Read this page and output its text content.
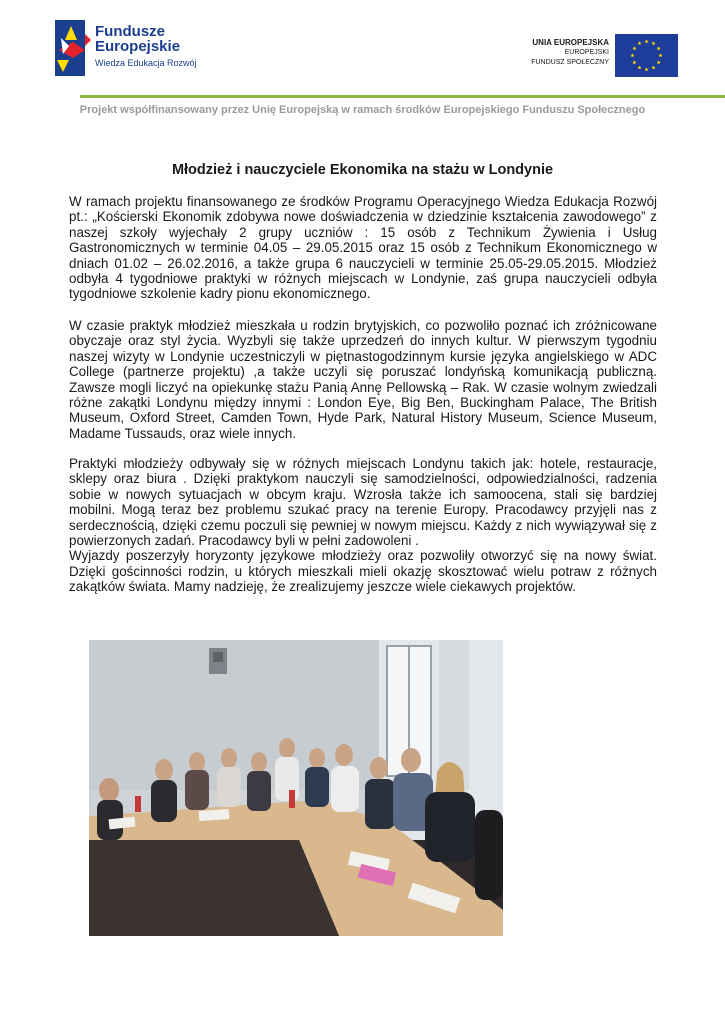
Fundusze
Europejskie
Wiedza Edukacja Rozwój
UNIA EUROPEJSKA
EUROPEJSKI
FUNDUSZ SPOŁECZNY
Projekt współfinansowany przez Unię Europejską w ramach środków Europejskiego Funduszu Społecznego
Młodzież i nauczyciele Ekonomika na stażu w Londynie

W ramach projektu finansowanego ze środków Programu Operacyjnego Wiedza Edukacja Rozwój pt.: „Kościerski Ekonomik zdobywa nowe doświadczenia w dziedzinie kształcenia zawodowego” z naszej szkoły wyjechały 2 grupy uczniów : 15 osób z Technikum Żywienia i Usług Gastronomicznych w terminie 04.05 – 29.05.2015 oraz 15 osób z Technikum Ekonomicznego w dniach 01.02 – 26.02.2016, a także grupa 6 nauczycieli w terminie 25.05-29.05.2015. Młodzież odbyła 4 tygodniowe praktyki w różnych miejscach w Londynie, zaś grupa nauczycieli odbyła tygodniowe szkolenie kadry pionu ekonomicznego.

W czasie praktyk młodzież mieszkała u rodzin brytyjskich, co pozwoliło poznać ich zróżnicowane obyczaje oraz styl życia. Wyzbyli się także uprzedzeń do innych kultur. W pierwszym tygodniu naszej wizyty w Londynie uczestniczyli w piętnastogodzinnym kursie języka angielskiego w ADC College (partnerze projektu) ,a także uczyli się poruszać londyńską komunikacją publiczną. Zawsze mogli liczyć na opiekunkę stażu Panią Annę Pellowską – Rak. W czasie wolnym zwiedzali różne zakątki Londynu między innymi : London Eye, Big Ben, Buckingham Palace, The British Museum, Oxford Street, Camden Town, Hyde Park, Natural History Museum, Science Museum, Madame Tussauds, oraz wiele innych.

Praktyki młodzieży odbywały się w różnych miejscach Londynu takich jak: hotele, restauracje, sklepy oraz biura . Dzięki praktykom nauczyli się samodzielności, odpowiedzialności, radzenia sobie w nowych sytuacjach w obcym kraju. Wzrosła także ich samoocena, stali się bardziej mobilni. Mogą teraz bez problemu szukać pracy na terenie Europy. Pracodawcy przyjęli nas z serdecznością, dzięki czemu poczuli się pewniej w nowym miejscu. Każdy z nich wywiązywał się z powierzonych zadań. Pracodawcy byli w pełni zadowoleni .
Wyjazdy poszerzyły horyzonty językowe młodzieży oraz pozwoliły otworzyć się na nowy świat. Dzięki gościnności rodzin, u których mieszkali mieli okazję skosztować wielu potraw z różnych zakątków świata. Mamy nadzieję, że zrealizujemy jeszcze wiele ciekawych projektów.
